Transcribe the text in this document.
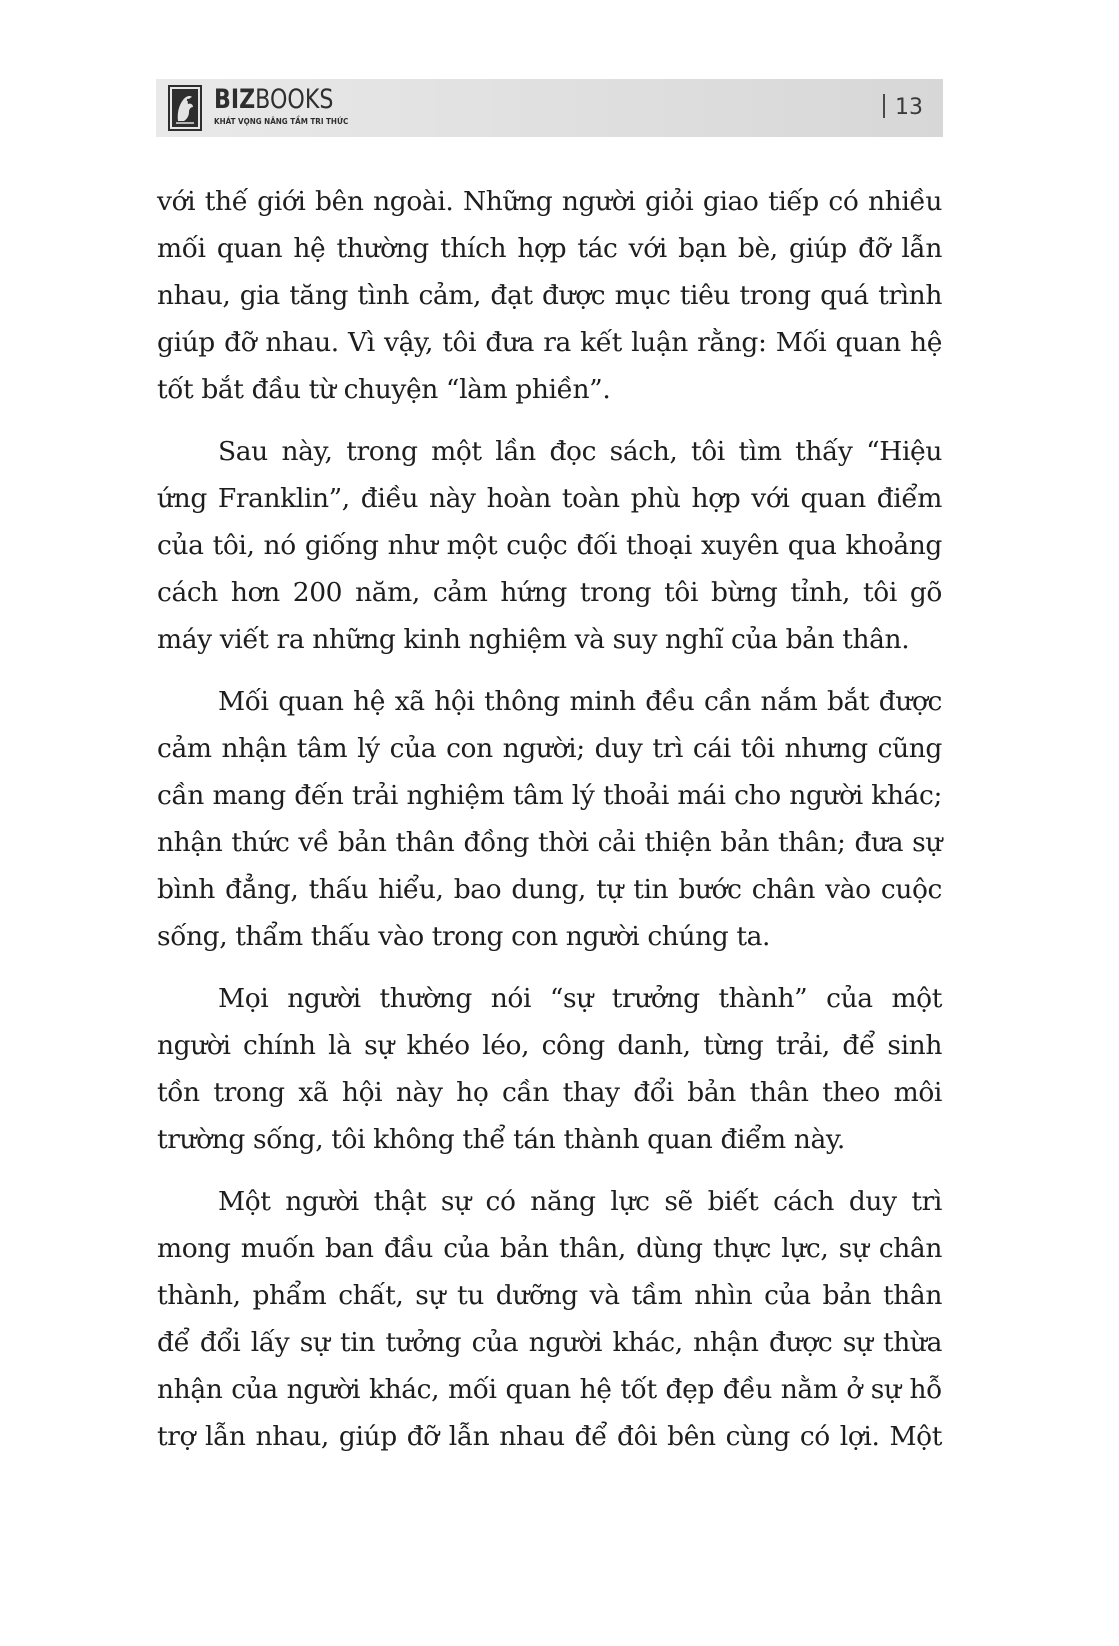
BIZBOOKS
KHÁT VỌNG NÂNG TẦM TRI THỨC
13
với thế giới bên ngoài. Những người giỏi giao tiếp có nhiều
mối quan hệ thường thích hợp tác với bạn bè, giúp đỡ lẫn
nhau, gia tăng tình cảm, đạt được mục tiêu trong quá trình
giúp đỡ nhau. Vì vậy, tôi đưa ra kết luận rằng: Mối quan hệ
tốt bắt đầu từ chuyện “làm phiền”.
Sau này, trong một lần đọc sách, tôi tìm thấy “Hiệu
ứng Franklin”, điều này hoàn toàn phù hợp với quan điểm
của tôi, nó giống như một cuộc đối thoại xuyên qua khoảng
cách hơn 200 năm, cảm hứng trong tôi bừng tỉnh, tôi gõ
máy viết ra những kinh nghiệm và suy nghĩ của bản thân.
Mối quan hệ xã hội thông minh đều cần nắm bắt được
cảm nhận tâm lý của con người; duy trì cái tôi nhưng cũng
cần mang đến trải nghiệm tâm lý thoải mái cho người khác;
nhận thức về bản thân đồng thời cải thiện bản thân; đưa sự
bình đẳng, thấu hiểu, bao dung, tự tin bước chân vào cuộc
sống, thẩm thấu vào trong con người chúng ta.
Mọi người thường nói “sự trưởng thành” của một
người chính là sự khéo léo, công danh, từng trải, để sinh
tồn trong xã hội này họ cần thay đổi bản thân theo môi
trường sống, tôi không thể tán thành quan điểm này.
Một người thật sự có năng lực sẽ biết cách duy trì
mong muốn ban đầu của bản thân, dùng thực lực, sự chân
thành, phẩm chất, sự tu dưỡng và tầm nhìn của bản thân
để đổi lấy sự tin tưởng của người khác, nhận được sự thừa
nhận của người khác, mối quan hệ tốt đẹp đều nằm ở sự hỗ
trợ lẫn nhau, giúp đỡ lẫn nhau để đôi bên cùng có lợi. Một
